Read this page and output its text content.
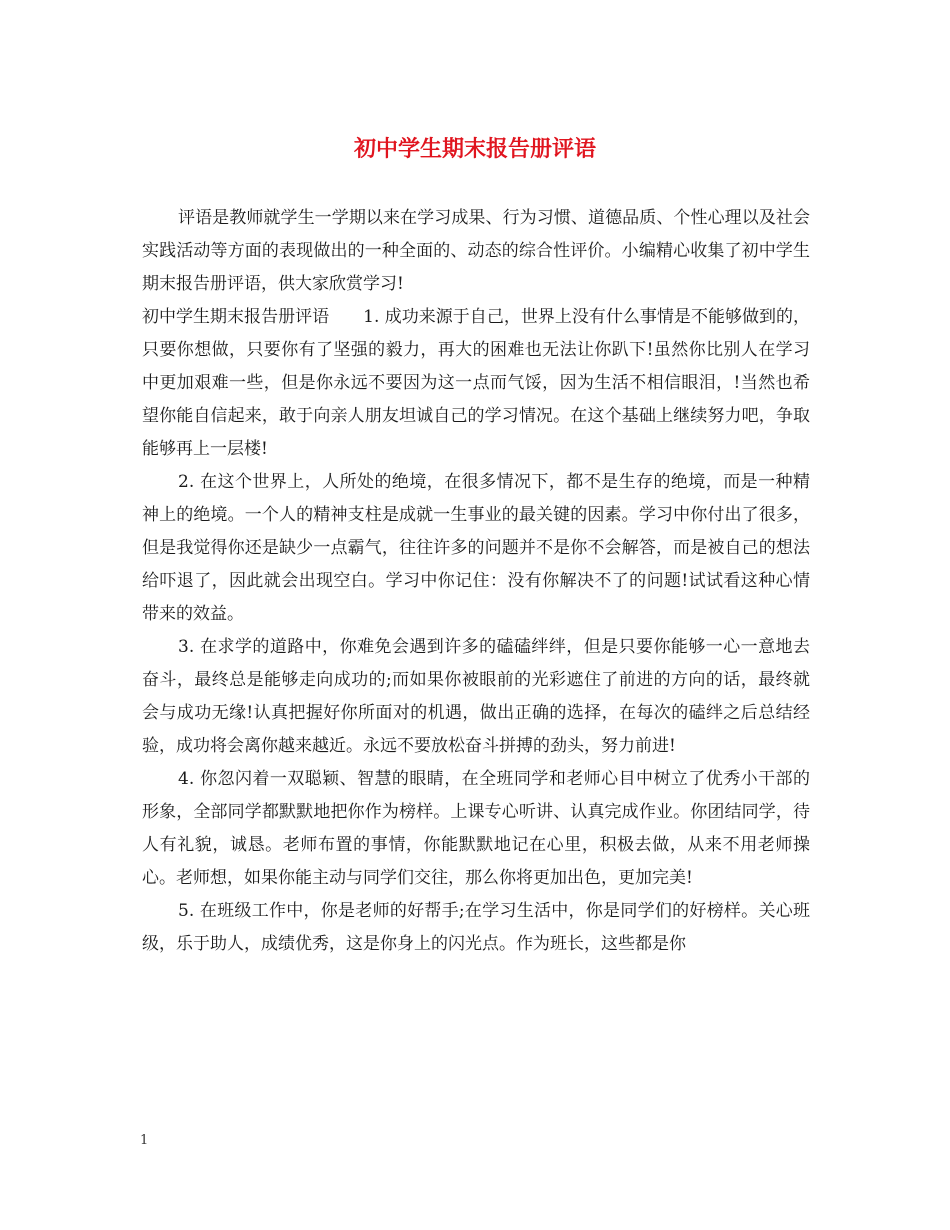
初中学生期末报告册评语

评语是教师就学生一学期以来在学习成果、行为习惯、道德品质、个性心理以及社会实践活动等方面的表现做出的一种全面的、动态的综合性评价。小编精心收集了初中学生期末报告册评语，供大家欣赏学习!

初中学生期末报告册评语　　1. 成功来源于自己，世界上没有什么事情是不能够做到的，只要你想做，只要你有了坚强的毅力，再大的困难也无法让你趴下!虽然你比别人在学习中更加艰难一些，但是你永远不要因为这一点而气馁，因为生活不相信眼泪，!当然也希望你能自信起来，敢于向亲人朋友坦诚自己的学习情况。在这个基础上继续努力吧，争取能够再上一层楼!

2. 在这个世界上，人所处的绝境，在很多情况下，都不是生存的绝境，而是一种精神上的绝境。一个人的精神支柱是成就一生事业的最关键的因素。学习中你付出了很多，但是我觉得你还是缺少一点霸气，往往许多的问题并不是你不会解答，而是被自己的想法给吓退了，因此就会出现空白。学习中你记住：没有你解决不了的问题!试试看这种心情带来的效益。

3. 在求学的道路中，你难免会遇到许多的磕磕绊绊，但是只要你能够一心一意地去奋斗，最终总是能够走向成功的;而如果你被眼前的光彩遮住了前进的方向的话，最终就会与成功无缘!认真把握好你所面对的机遇，做出正确的选择，在每次的磕绊之后总结经验，成功将会离你越来越近。永远不要放松奋斗拼搏的劲头，努力前进!

4. 你忽闪着一双聪颖、智慧的眼睛，在全班同学和老师心目中树立了优秀小干部的形象，全部同学都默默地把你作为榜样。上课专心听讲、认真完成作业。你团结同学，待人有礼貌，诚恳。老师布置的事情，你能默默地记在心里，积极去做，从来不用老师操心。老师想，如果你能主动与同学们交往，那么你将更加出色，更加完美!

5. 在班级工作中，你是老师的好帮手;在学习生活中，你是同学们的好榜样。关心班级，乐于助人，成绩优秀，这是你身上的闪光点。作为班长，这些都是你

1
